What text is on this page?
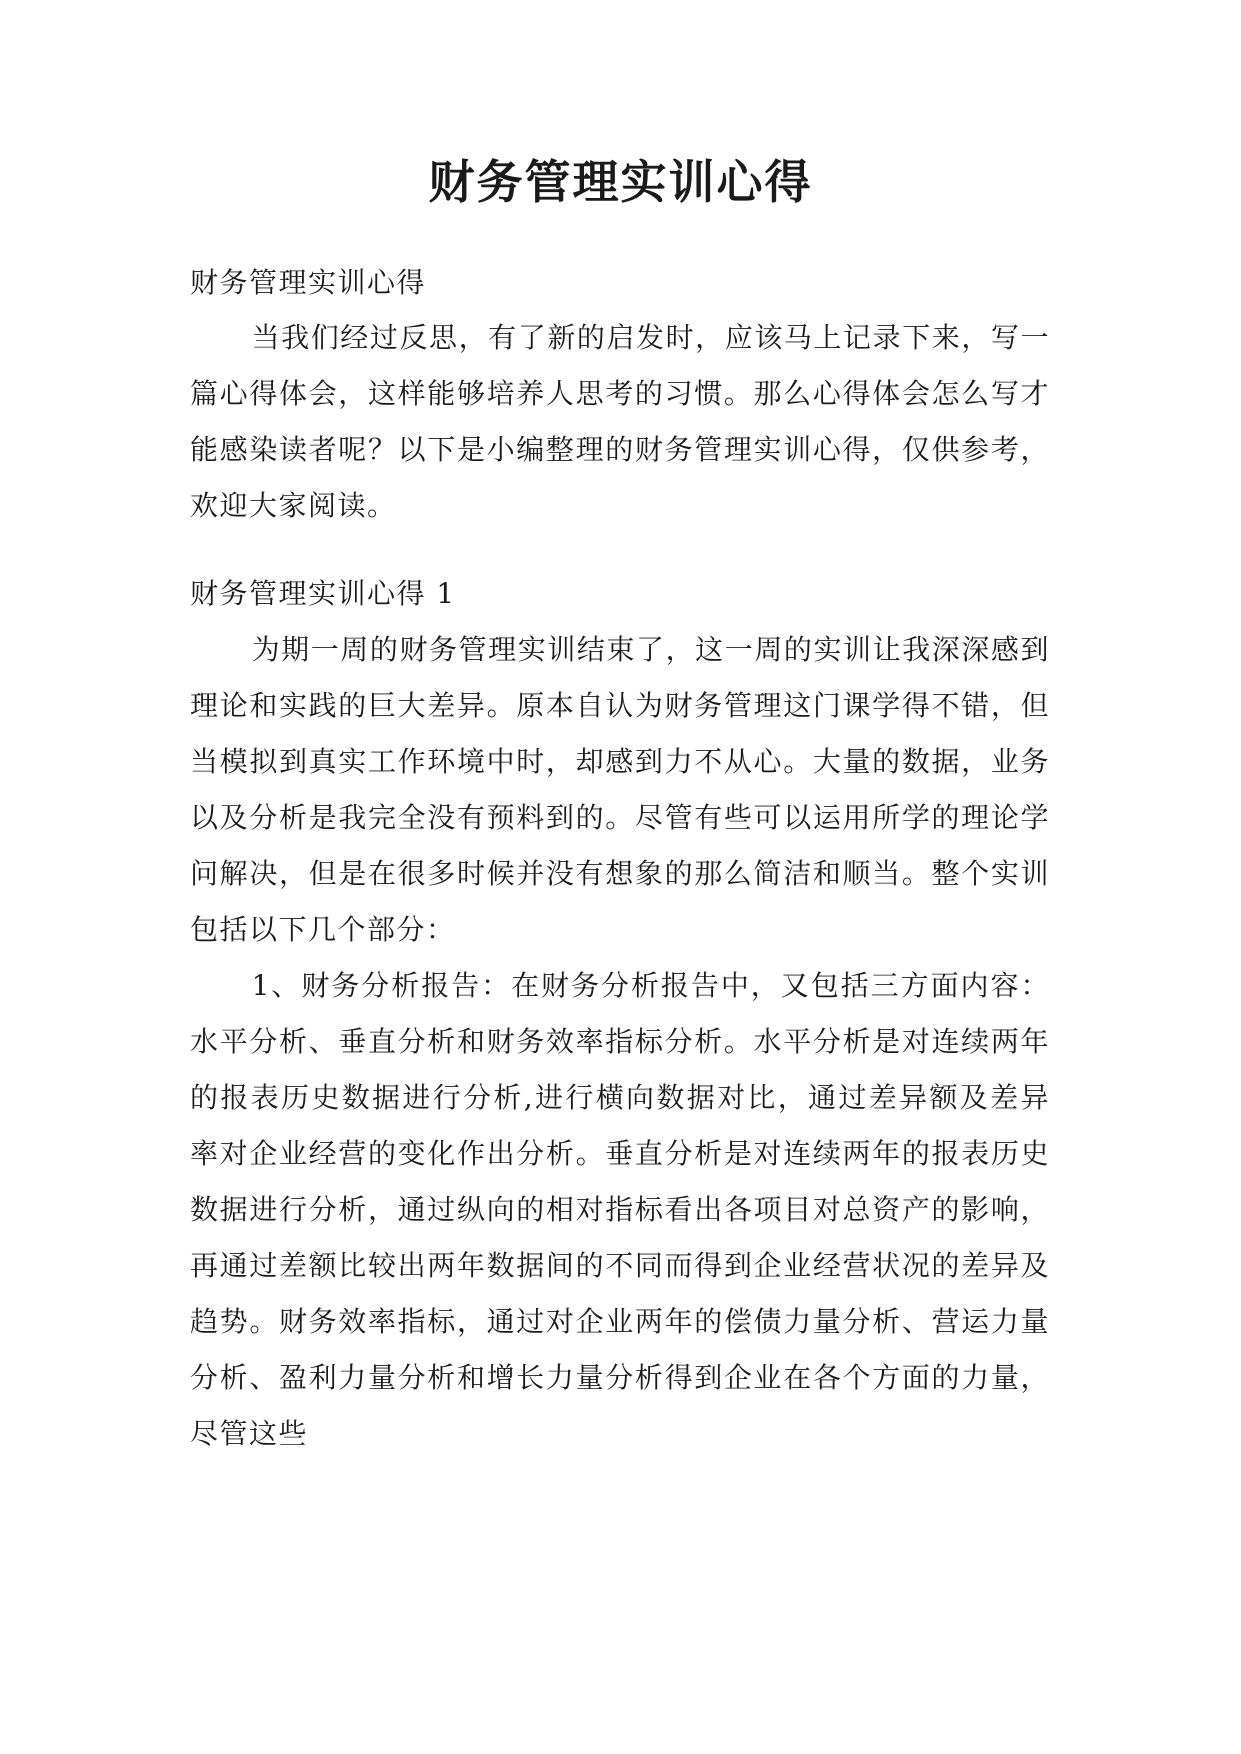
财务管理实训心得

财务管理实训心得

当我们经过反思，有了新的启发时，应该马上记录下来，写一篇心得体会，这样能够培养人思考的习惯。那么心得体会怎么写才能感染读者呢？以下是小编整理的财务管理实训心得，仅供参考，欢迎大家阅读。

财务管理实训心得 1

为期一周的财务管理实训结束了，这一周的实训让我深深感到理论和实践的巨大差异。原本自认为财务管理这门课学得不错，但当模拟到真实工作环境中时，却感到力不从心。大量的数据，业务以及分析是我完全没有预料到的。尽管有些可以运用所学的理论学问解决，但是在很多时候并没有想象的那么简洁和顺当。整个实训包括以下几个部分：

1、财务分析报告：在财务分析报告中，又包括三方面内容：水平分析、垂直分析和财务效率指标分析。水平分析是对连续两年的报表历史数据进行分析,进行横向数据对比，通过差异额及差异率对企业经营的变化作出分析。垂直分析是对连续两年的报表历史数据进行分析，通过纵向的相对指标看出各项目对总资产的影响，再通过差额比较出两年数据间的不同而得到企业经营状况的差异及趋势。财务效率指标，通过对企业两年的偿债力量分析、营运力量分析、盈利力量分析和增长力量分析得到企业在各个方面的力量，尽管这些
